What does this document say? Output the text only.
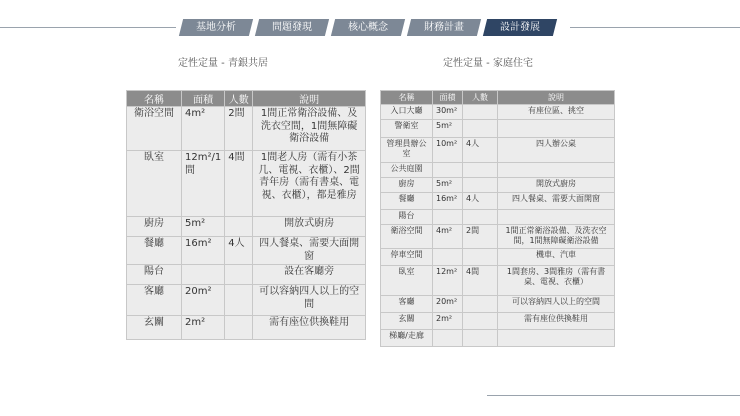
基地分析	問題發現	核心概念	財務計畫	設計發展
定性定量 - 青銀共居	定性定量 - 家庭住宅
名稱	面積	人數	說明
衛浴空間	4m²	2間	1間正常衛浴設備、及洗衣空間，1間無障礙衛浴設備
臥室	12m²/1間	4間	1間老人房（需有小茶几、電視、衣櫃）、2間青年房（需有書桌、電視、衣櫃），都是雅房
廚房	5m²		開放式廚房
餐廳	16m²	4人	四人餐桌、需要大面開窗
陽台			設在客廳旁
客廳	20m²		可以容納四人以上的空間
玄關	2m²		需有座位供換鞋用
名稱	面積	人數	說明
入口大廳	30m²		有座位區、挑空
警衛室	5m²		
管理員辦公室	10m²	4人	四人辦公桌
公共庭園			
廚房	5m²		開放式廚房
餐廳	16m²	4人	四人餐桌、需要大面開窗
陽台			
衛浴空間	4m²	2間	1間正常衛浴設備、及洗衣空間，1間無障礙衛浴設備
停車空間			機車、汽車
臥室	12m²	4間	1間套房、3間雅房（需有書桌、電視、衣櫃）
客廳	20m²		可以容納四人以上的空間
玄關	2m²		需有座位供換鞋用
梯廳/走廊			
